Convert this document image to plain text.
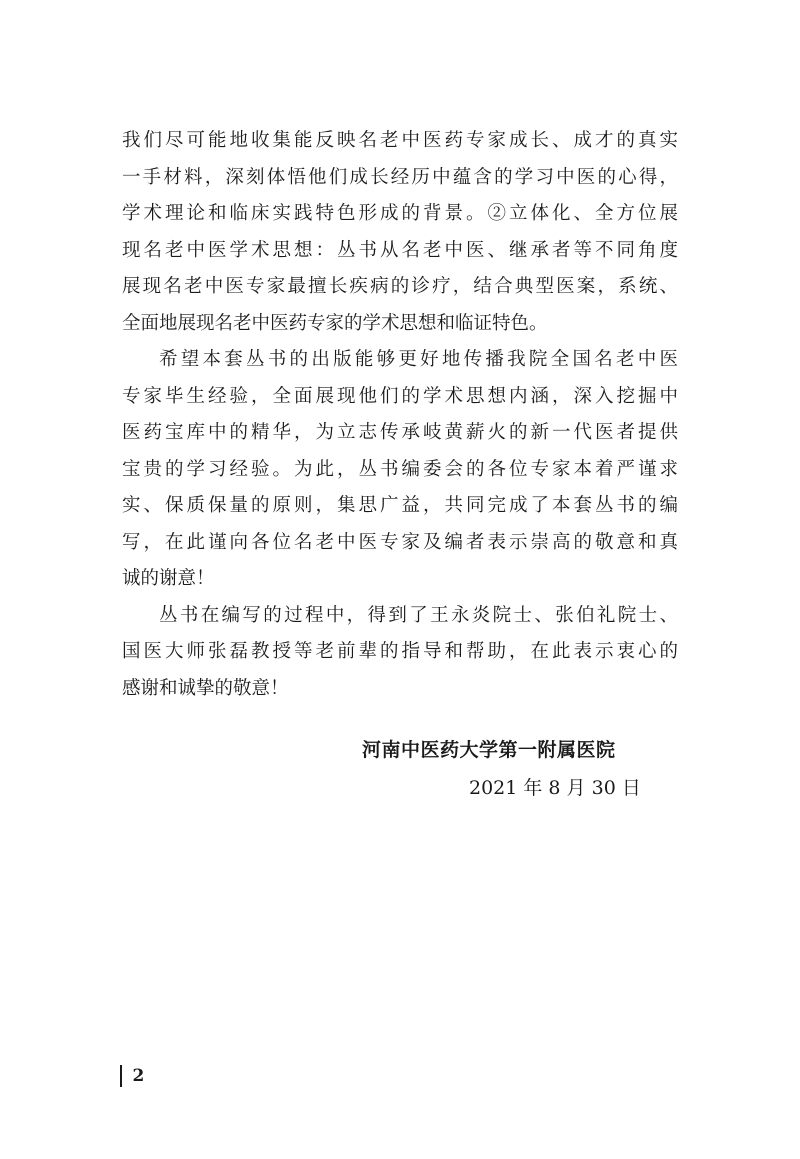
我们尽可能地收集能反映名老中医药专家成长、成才的真实
一手材料，深刻体悟他们成长经历中蕴含的学习中医的心得，
学术理论和临床实践特色形成的背景。②立体化、全方位展
现名老中医学术思想：丛书从名老中医、继承者等不同角度
展现名老中医专家最擅长疾病的诊疗，结合典型医案，系统、
全面地展现名老中医药专家的学术思想和临证特色。
希望本套丛书的出版能够更好地传播我院全国名老中医
专家毕生经验，全面展现他们的学术思想内涵，深入挖掘中
医药宝库中的精华，为立志传承岐黄薪火的新一代医者提供
宝贵的学习经验。为此，丛书编委会的各位专家本着严谨求
实、保质保量的原则，集思广益，共同完成了本套丛书的编
写，在此谨向各位名老中医专家及编者表示崇高的敬意和真
诚的谢意！
丛书在编写的过程中，得到了王永炎院士、张伯礼院士、
国医大师张磊教授等老前辈的指导和帮助，在此表示衷心的
感谢和诚挚的敬意！
河南中医药大学第一附属医院
2021 年 8 月 30 日
2
